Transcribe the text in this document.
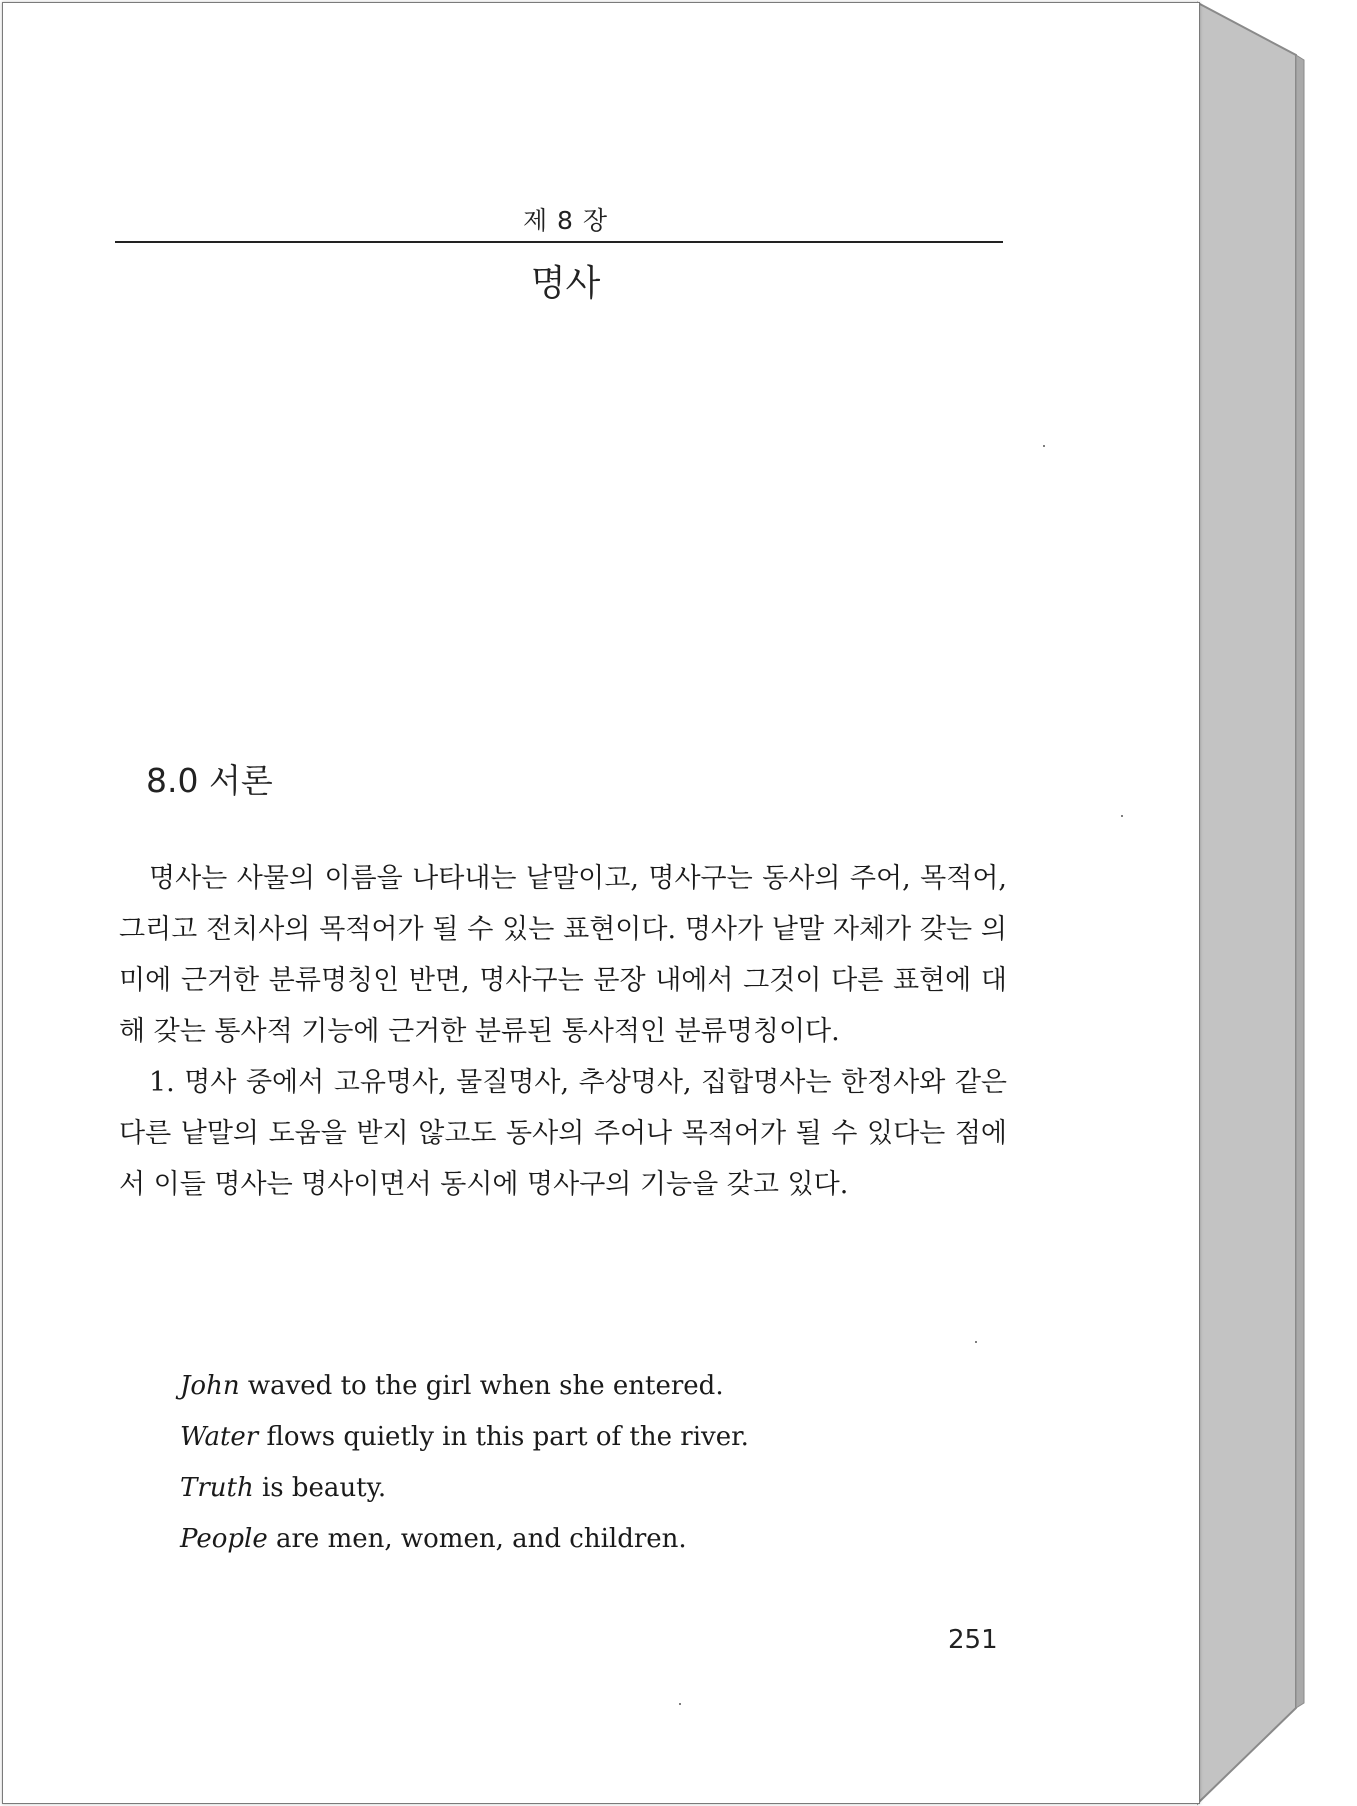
제 8 장
명사
8.0 서론

명사는 사물의 이름을 나타내는 낱말이고, 명사구는 동사의 주어, 목적어, 그리고 전치사의 목적어가 될 수 있는 표현이다. 명사가 낱말 자체가 갖는 의미에 근거한 분류명칭인 반면, 명사구는 문장 내에서 그것이 다른 표현에 대해 갖는 통사적 기능에 근거한 분류된 통사적인 분류명칭이다.

1. 명사 중에서 고유명사, 물질명사, 추상명사, 집합명사는 한정사와 같은 다른 낱말의 도움을 받지 않고도 동사의 주어나 목적어가 될 수 있다는 점에서 이들 명사는 명사이면서 동시에 명사구의 기능을 갖고 있다.

John waved to the girl when she entered.
Water flows quietly in this part of the river.
Truth is beauty.
People are men, women, and children.
251
